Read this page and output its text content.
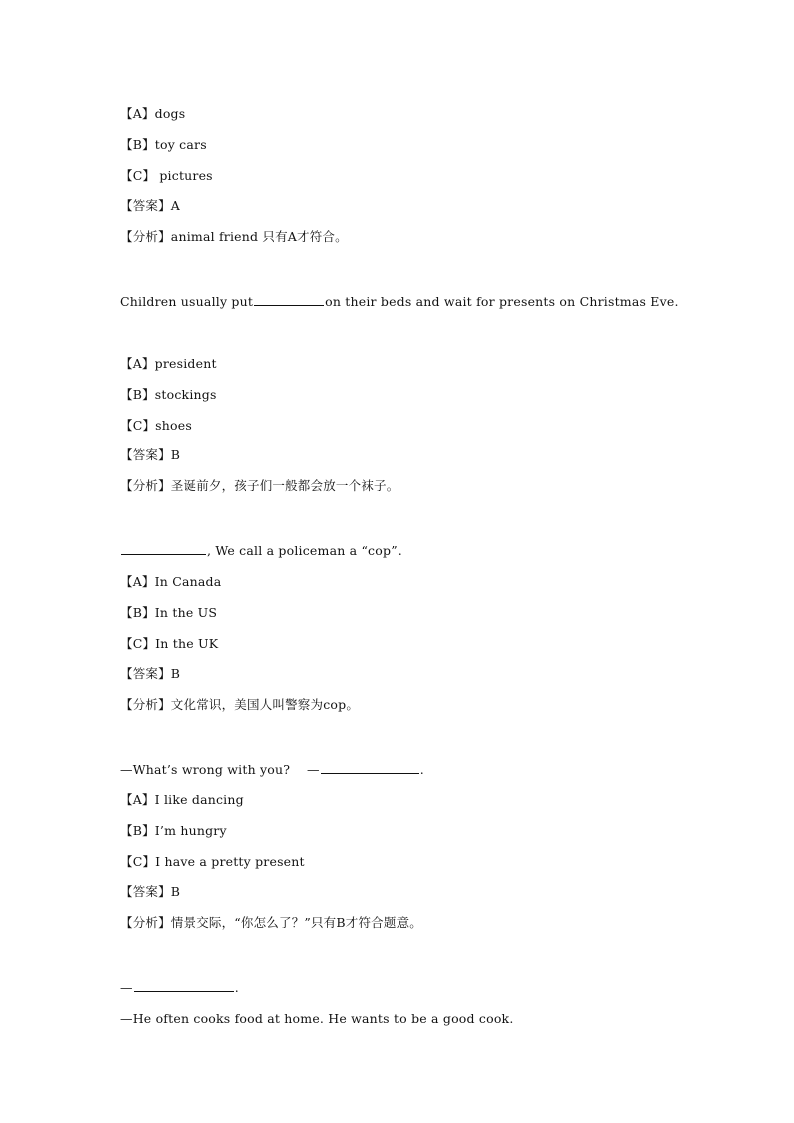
【A】dogs
【B】toy cars
【C】 pictures
【答案】A
【分析】animal friend 只有A才符合。
Children usually put	on their beds and wait for presents on Christmas Eve.
【A】president
【B】stockings
【C】shoes
【答案】B
【分析】圣诞前夕，孩子们一般都会放一个袜子。
, We call a policeman a “cop”.
【A】In Canada
【B】In the US
【C】In the UK
【答案】B
【分析】文化常识，美国人叫警察为cop。
—What’s wrong with you?　 —	.
【A】I like dancing
【B】I’m hungry
【C】I have a pretty present
【答案】B
【分析】情景交际，“你怎么了？”只有B才符合题意。
—	.
—He often cooks food at home. He wants to be a good cook.
